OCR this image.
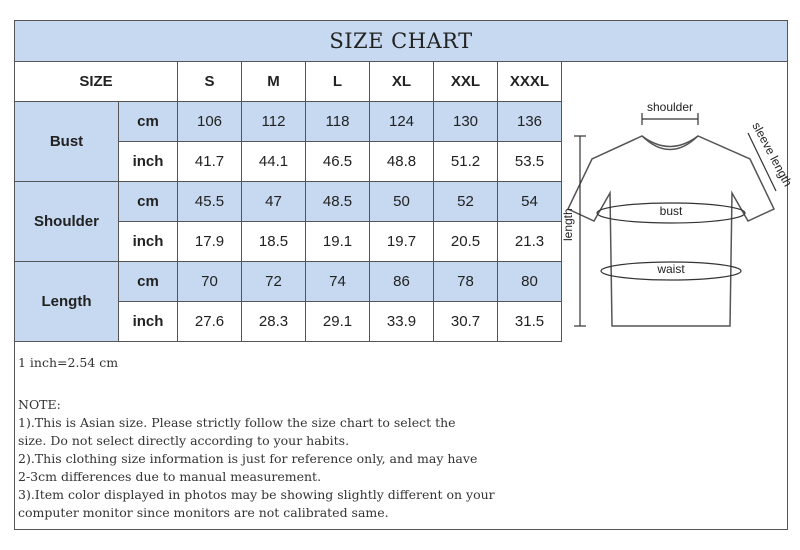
SIZE CHART
SIZE		S	M	L	XL	XXL	XXXL
Bust	cm	106	112	118	124	130	136
	inch	41.7	44.1	46.5	48.8	51.2	53.5
Shoulder	cm	45.5	47	48.5	50	52	54
	inch	17.9	18.5	19.1	19.7	20.5	21.3
Length	cm	70	72	74	86	78	80
	inch	27.6	28.3	29.1	33.9	30.7	31.5
shoulder
sleeve length
length	bust
waist
1 inch=2.54 cm
NOTE:
1).This is Asian size. Please strictly follow the size chart to select the
size. Do not select directly according to your habits.
2).This clothing size information is just for reference only, and may have
2-3cm differences due to manual measurement.
3).Item color displayed in photos may be showing slightly different on your
computer monitor since monitors are not calibrated same.
